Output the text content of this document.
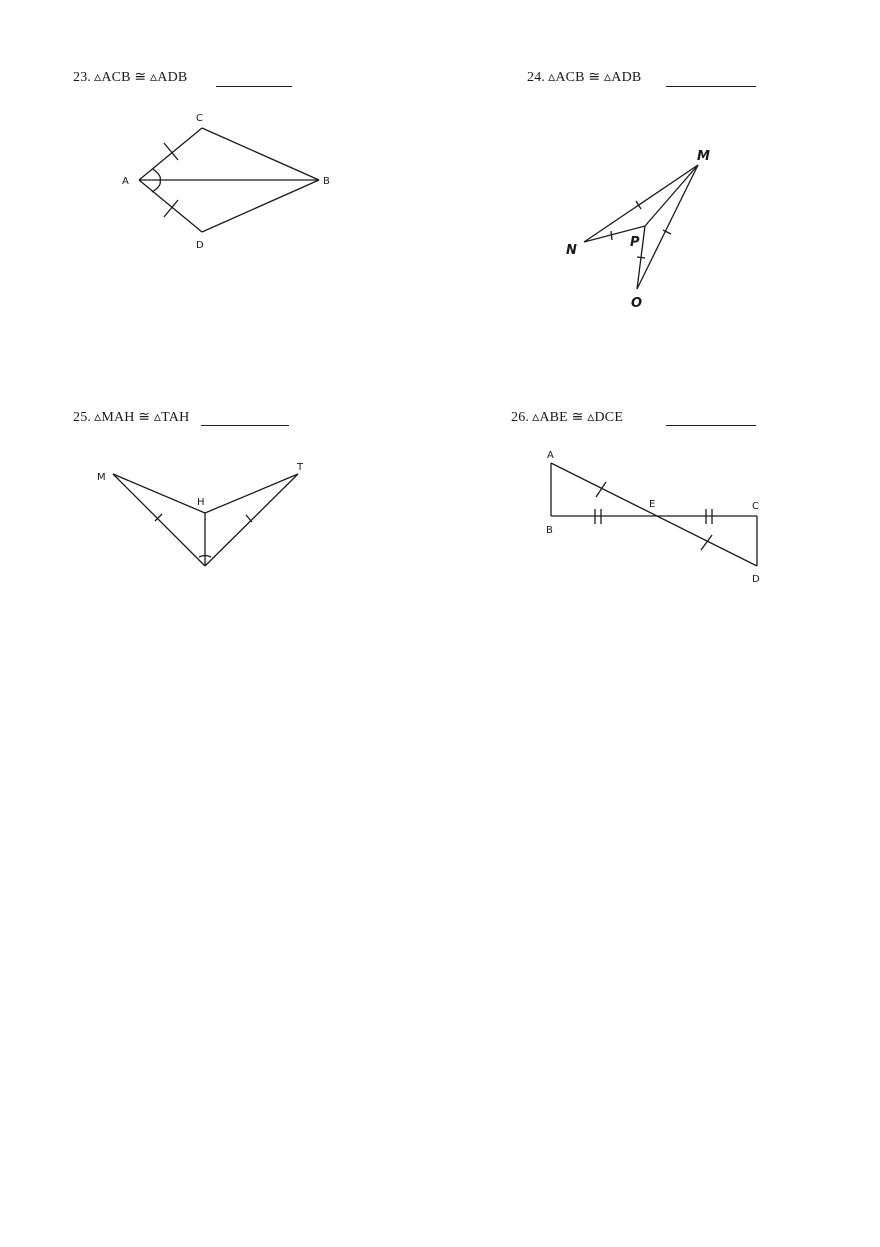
23. ▵ACB ≅ ▵ADB
C
A	B
D
24. ▵ACB ≅ ▵ADB
M
N
P
O
25. ▵MAH ≅ ▵TAH
M
H
T
26. ▵ABE ≅ ▵DCE
A
B
E	C
D
